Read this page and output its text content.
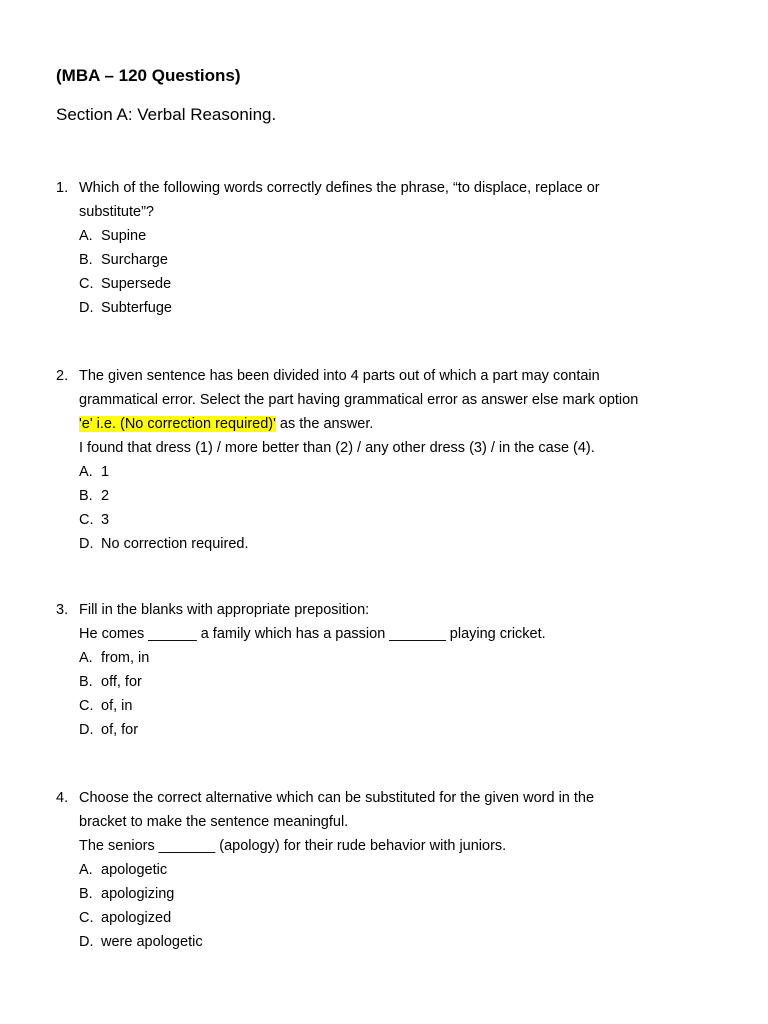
(MBA – 120 Questions)
Section A: Verbal Reasoning.
1. Which of the following words correctly defines the phrase, “to displace, replace or
substitute”?
A. Supine
B. Surcharge
C. Supersede
D. Subterfuge
2. The given sentence has been divided into 4 parts out of which a part may contain
grammatical error. Select the part having grammatical error as answer else mark option
'e' i.e. (No correction required)' as the answer.
I found that dress (1) / more better than (2) / any other dress (3) / in the case (4).
A. 1
B. 2
C. 3
D. No correction required.
3. Fill in the blanks with appropriate preposition:
He comes ______ a family which has a passion _______ playing cricket.
A. from, in
B. off, for
C. of, in
D. of, for
4. Choose the correct alternative which can be substituted for the given word in the
bracket to make the sentence meaningful.
The seniors _______ (apology) for their rude behavior with juniors.
A. apologetic
B. apologizing
C. apologized
D. were apologetic
